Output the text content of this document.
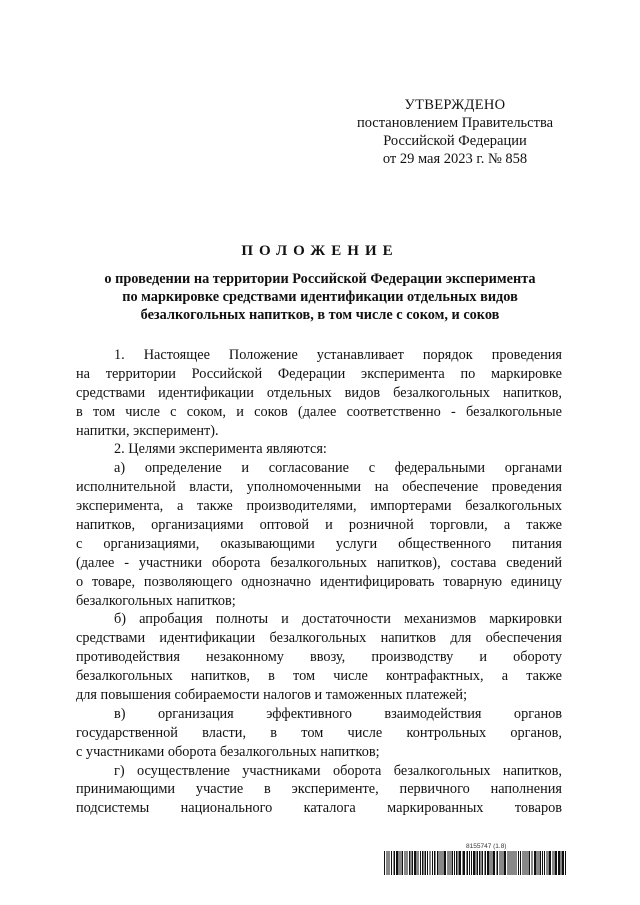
УТВЕРЖДЕНО
постановлением Правительства
Российской Федерации
от 29 мая 2023 г. № 858
ПОЛОЖЕНИЕ
о проведении на территории Российской Федерации эксперимента
по маркировке средствами идентификации отдельных видов
безалкогольных напитков, в том числе с соком, и соков
1. Настоящее Положение устанавливает порядок проведения
на территории Российской Федерации эксперимента по маркировке
средствами идентификации отдельных видов безалкогольных напитков,
в том числе с соком, и соков (далее соответственно - безалкогольные
напитки, эксперимент).
2. Целями эксперимента являются:
а) определение и согласование с федеральными органами
исполнительной власти, уполномоченными на обеспечение проведения
эксперимента, а также производителями, импортерами безалкогольных
напитков, организациями оптовой и розничной торговли, а также
с организациями, оказывающими услуги общественного питания
(далее - участники оборота безалкогольных напитков), состава сведений
о товаре, позволяющего однозначно идентифицировать товарную единицу
безалкогольных напитков;
б) апробация полноты и достаточности механизмов маркировки
средствами идентификации безалкогольных напитков для обеспечения
противодействия незаконному ввозу, производству и обороту
безалкогольных напитков, в том числе контрафактных, а также
для повышения собираемости налогов и таможенных платежей;
в) организация эффективного взаимодействия органов
государственной власти, в том числе контрольных органов,
с участниками оборота безалкогольных напитков;
г) осуществление участниками оборота безалкогольных напитков,
принимающими участие в эксперименте, первичного наполнения
подсистемы национального каталога маркированных товаров
8155747 (1.8)
